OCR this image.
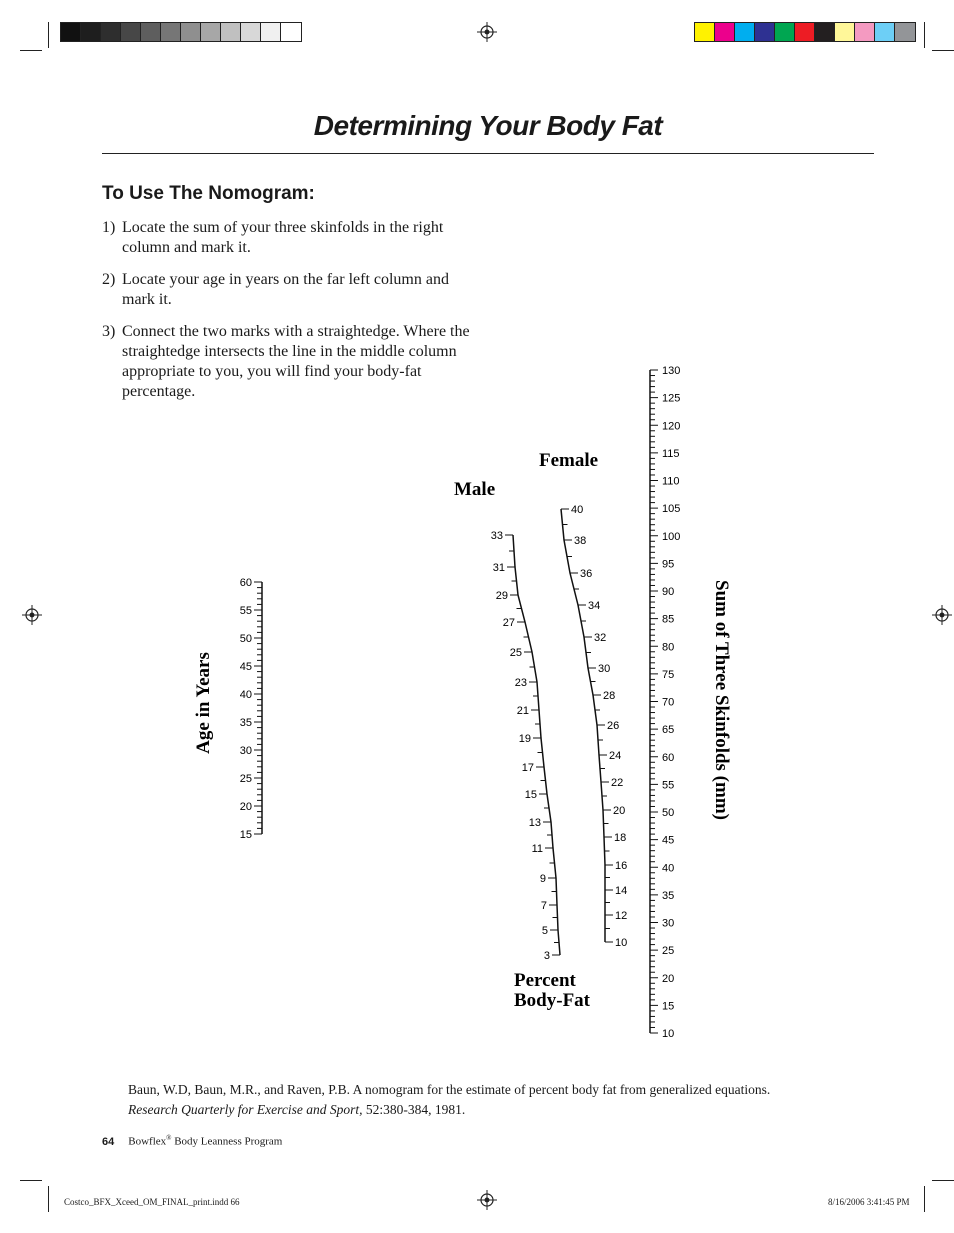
Determining Your Body Fat
To Use The Nomogram:
1) Locate the sum of your three skinfolds in the right column and mark it.
2) Locate your age in years on the far left column and mark it.
3) Connect the two marks with a straightedge. Where the straightedge intersects the line in the middle column appropriate to you, you will find your body-fat percentage.
60
55
50
45
40
35
30
25
20
15
130
125
120
115
110
105
100
95
90
85
80
75
70
65
60
55
50
45
40
35
30
25
20
15
10
33
31
29
27
25
23
21
19
17
15
13
11
9
7
5
3
40
38
36
34
32
30
28
26
24
22
20
18
16
14
12
10
Age in Years
Male
Female
Percent
Body-Fat
Sum of Three Skinfolds (mm)
Baun, W.D, Baun, M.R., and Raven, P.B. A nomogram for the estimate of percent body fat from generalized equations.
Research Quarterly for Exercise and Sport, 52:380-384, 1981.
64 Bowflex® Body Leanness Program
Costco_BFX_Xceed_OM_FINAL_print.indd 66	8/16/2006 3:41:45 PM
